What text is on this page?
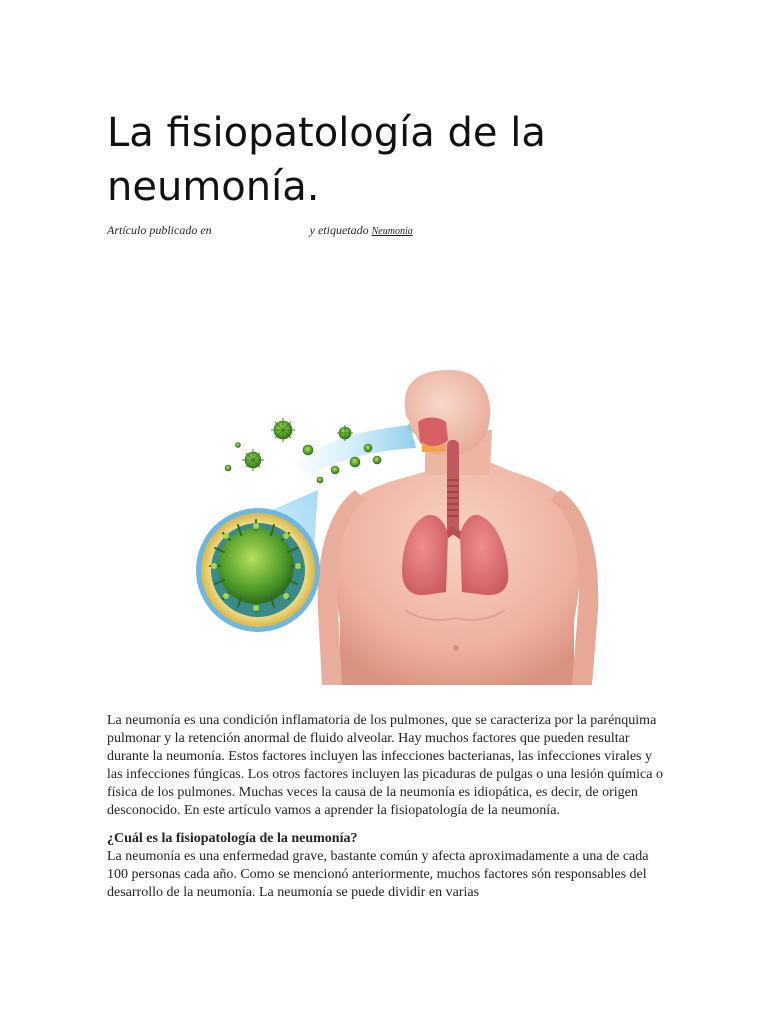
La fisiopatología de la neumonía.
Artículo publicado en	y etiquetado Neumonia

La neumonía es una condición inflamatoria de los pulmones, que se caracteriza por la parénquima pulmonar y la retención anormal de fluido alveolar. Hay muchos factores que pueden resultar durante la neumonía. Estos factores incluyen las infecciones bacterianas, las infecciones virales y las infecciones fúngicas. Los otros factores incluyen las picaduras de pulgas o una lesión química o física de los pulmones. Muchas veces la causa de la neumonía es idiopática, es decir, de origen desconocido. En este artículo vamos a aprender la fisiopatología de la neumonía.

¿Cuál es la fisiopatología de la neumonía?

La neumonía es una enfermedad grave, bastante común y afecta aproximadamente a una de cada 100 personas cada año. Como se mencionó anteriormente, muchos factores són responsables del desarrollo de la neumonía. La neumonía se puede dividir en varias
